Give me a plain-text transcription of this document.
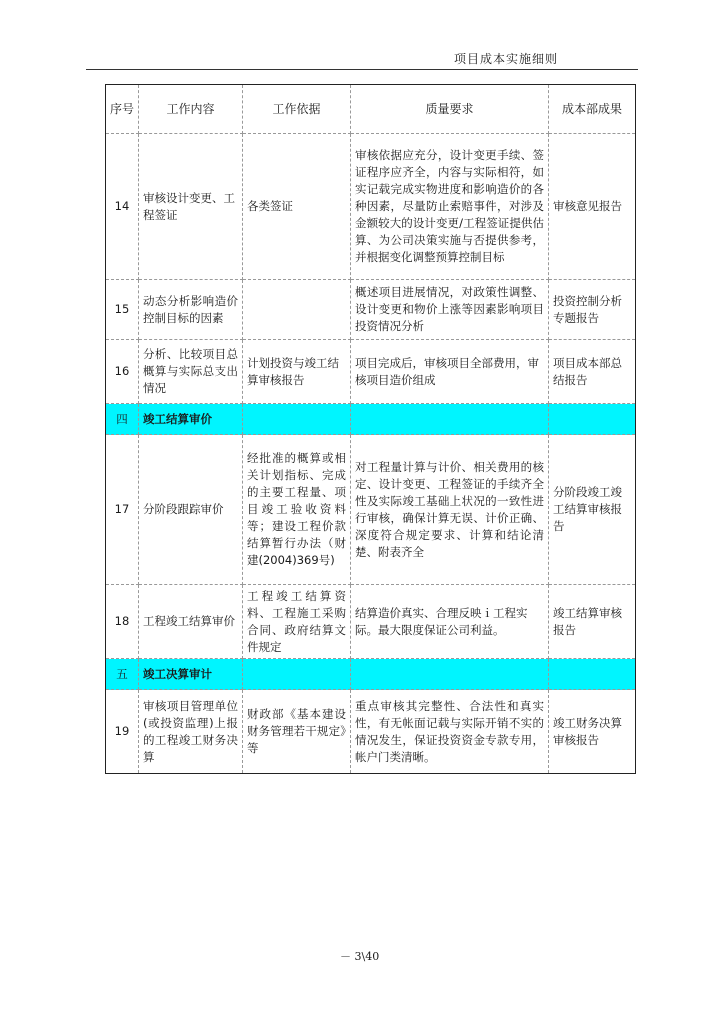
项目成本实施细则
序号	工作内容	工作依据	质量要求	成本部成果
14	审核设计变更、工程签证	各类签证	审核依据应充分，设计变更手续、签证程序应齐全，内容与实际相符，如实记载完成实物进度和影响造价的各种因素，尽量防止索赔事件，对涉及金额较大的设计变更/工程签证提供估算、为公司决策实施与否提供参考，并根据变化调整预算控制目标	审核意见报告
15	动态分析影响造价控制目标的因素		概述项目进展情况，对政策性调整、设计变更和物价上涨等因素影响项目投资情况分析	投资控制分析专题报告
16	分析、比较项目总概算与实际总支出情况	计划投资与竣工结算审核报告	项目完成后，审核项目全部费用，审核项目造价组成	项目成本部总结报告
四	竣工结算审价			
17	分阶段跟踪审价	经批准的概算或相关计划指标、完成的主要工程量、项目竣工验收资料等；建设工程价款结算暂行办法（财建(2004)369号)	对工程量计算与计价、相关费用的核定、设计变更、工程签证的手续齐全性及实际竣工基础上状况的一致性进行审核，确保计算无误、计价正确、深度符合规定要求、计算和结论清楚、附表齐全	分阶段竣工竣工结算审核报告
18	工程竣工结算审价	工程竣工结算资料、工程施工采购合同、政府结算文件规定	结算造价真实、合理反映ｉ工程实际。最大限度保证公司利益。	竣工结算审核报告
五	竣工决算审计			
19	审核项目管理单位(或投资监理)上报的工程竣工财务决算	财政部《基本建设财务管理若干规定》等	重点审核其完整性、合法性和真实性，有无帐面记载与实际开销不实的情况发生，保证投资资金专款专用，帐户门类清晰。	竣工财务决算审核报告
－ 3\40
